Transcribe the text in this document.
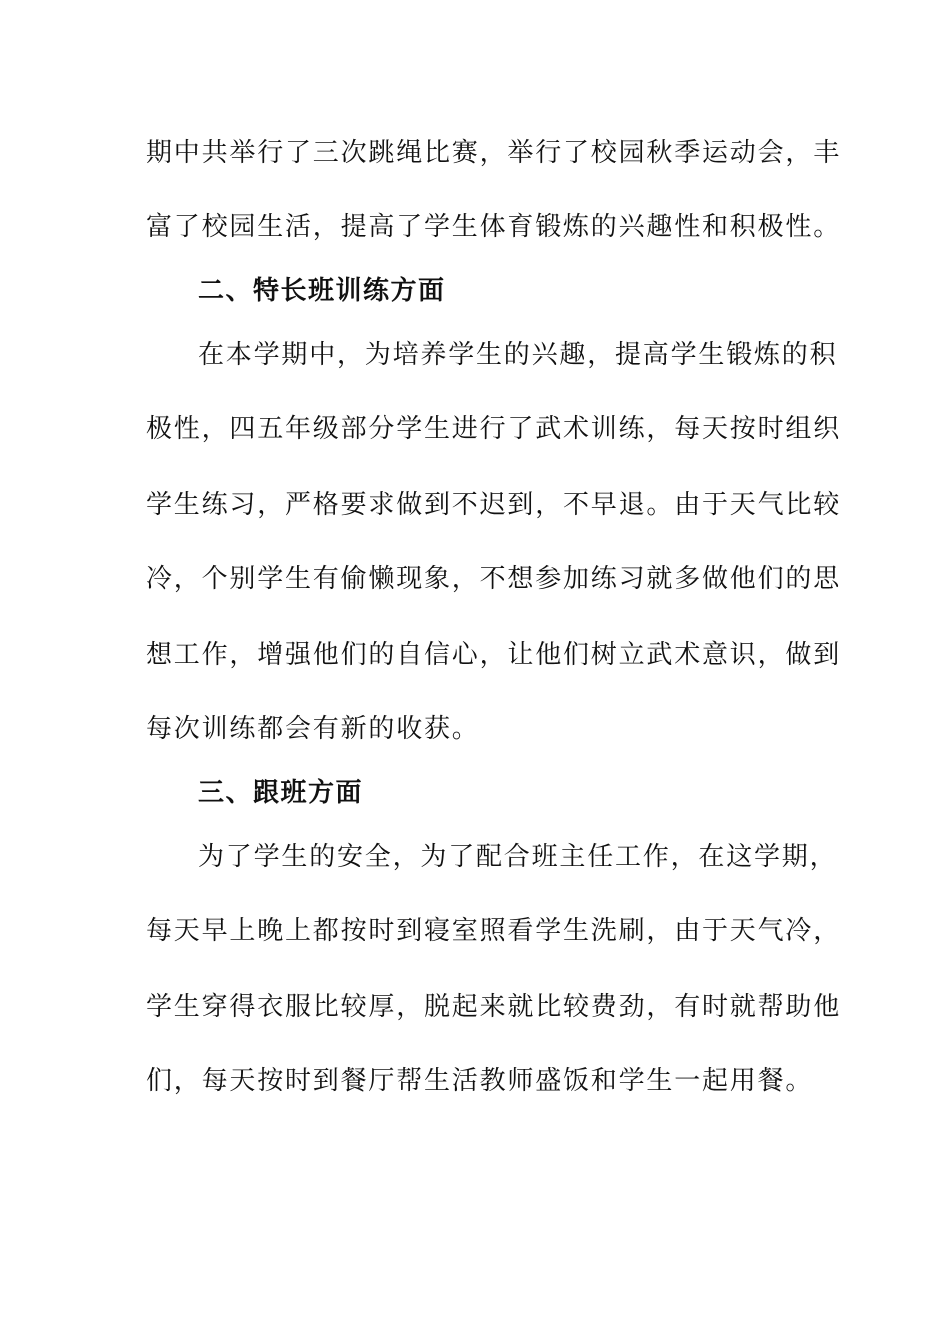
期中共举行了三次跳绳比赛，举行了校园秋季运动会，丰
富了校园生活，提高了学生体育锻炼的兴趣性和积极性。
二、特长班训练方面
在本学期中，为培养学生的兴趣，提高学生锻炼的积
极性，四五年级部分学生进行了武术训练，每天按时组织
学生练习，严格要求做到不迟到，不早退。由于天气比较
冷，个别学生有偷懒现象，不想参加练习就多做他们的思
想工作，增强他们的自信心，让他们树立武术意识，做到
每次训练都会有新的收获。
三、跟班方面
为了学生的安全，为了配合班主任工作，在这学期，
每天早上晚上都按时到寝室照看学生洗刷，由于天气冷，
学生穿得衣服比较厚，脱起来就比较费劲，有时就帮助他
们，每天按时到餐厅帮生活教师盛饭和学生一起用餐。
